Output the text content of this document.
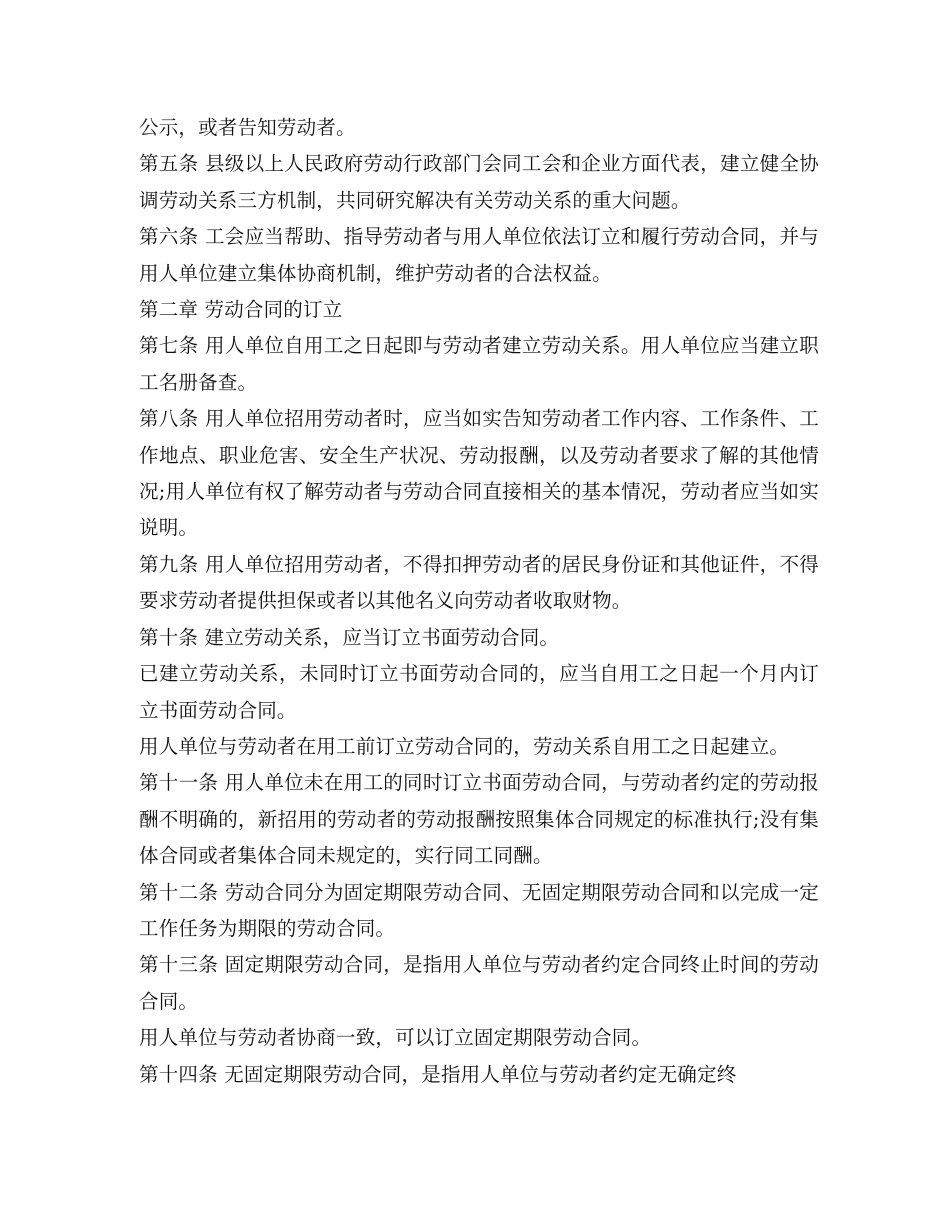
公示，或者告知劳动者。

第五条 县级以上人民政府劳动行政部门会同工会和企业方面代表，建立健全协调劳动关系三方机制，共同研究解决有关劳动关系的重大问题。

第六条 工会应当帮助、指导劳动者与用人单位依法订立和履行劳动合同，并与用人单位建立集体协商机制，维护劳动者的合法权益。

第二章 劳动合同的订立

第七条 用人单位自用工之日起即与劳动者建立劳动关系。用人单位应当建立职工名册备查。

第八条 用人单位招用劳动者时，应当如实告知劳动者工作内容、工作条件、工作地点、职业危害、安全生产状况、劳动报酬，以及劳动者要求了解的其他情况;用人单位有权了解劳动者与劳动合同直接相关的基本情况，劳动者应当如实说明。

第九条 用人单位招用劳动者，不得扣押劳动者的居民身份证和其他证件，不得要求劳动者提供担保或者以其他名义向劳动者收取财物。

第十条 建立劳动关系，应当订立书面劳动合同。

已建立劳动关系，未同时订立书面劳动合同的，应当自用工之日起一个月内订立书面劳动合同。

用人单位与劳动者在用工前订立劳动合同的，劳动关系自用工之日起建立。

第十一条 用人单位未在用工的同时订立书面劳动合同，与劳动者约定的劳动报酬不明确的，新招用的劳动者的劳动报酬按照集体合同规定的标准执行;没有集体合同或者集体合同未规定的，实行同工同酬。

第十二条 劳动合同分为固定期限劳动合同、无固定期限劳动合同和以完成一定工作任务为期限的劳动合同。

第十三条 固定期限劳动合同，是指用人单位与劳动者约定合同终止时间的劳动合同。

用人单位与劳动者协商一致，可以订立固定期限劳动合同。

第十四条 无固定期限劳动合同，是指用人单位与劳动者约定无确定终
